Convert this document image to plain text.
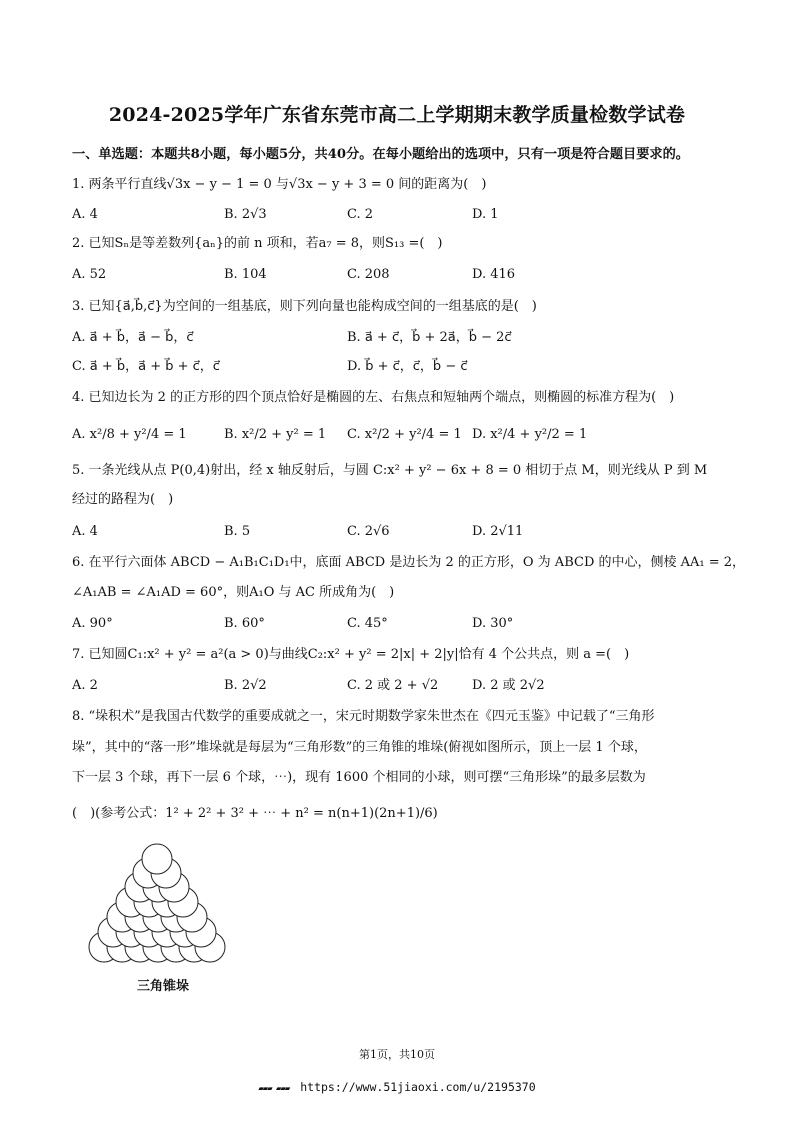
2024-2025学年广东省东莞市高二上学期期末教学质量检数学试卷
一、单选题：本题共8小题，每小题5分，共40分。在每小题给出的选项中，只有一项是符合题目要求的。
1. 两条平行直线√3x − y − 1 = 0 与√3x − y + 3 = 0 间的距离为(　)
A. 4	B. 2√3	C. 2	D. 1
2. 已知Sₙ是等差数列{aₙ}的前 n 项和，若a₇ = 8，则S₁₃ =(　)
A. 52	B. 104	C. 208	D. 416
3. 已知{a⃗,b⃗,c⃗}为空间的一组基底，则下列向量也能构成空间的一组基底的是(　)
A. a⃗ + b⃗，a⃗ − b⃗，c⃗	B. a⃗ + c⃗，b⃗ + 2a⃗，b⃗ − 2c⃗
C. a⃗ + b⃗，a⃗ + b⃗ + c⃗，c⃗	D. b⃗ + c⃗，c⃗，b⃗ − c⃗
4. 已知边长为 2 的正方形的四个顶点恰好是椭圆的左、右焦点和短轴两个端点，则椭圆的标准方程为(　)
A. x²/8 + y²/4 = 1	B. x²/2 + y² = 1 C. x²/2 + y²/4 = 1 D. x²/4 + y²/2 = 1
5. 一条光线从点 P(0,4)射出，经 x 轴反射后，与圆 C:x² + y² − 6x + 8 = 0 相切于点 M，则光线从 P 到 M
经过的路程为(　)
A. 4	B. 5	C. 2√6	D. 2√11
6. 在平行六面体 ABCD − A₁B₁C₁D₁中，底面 ABCD 是边长为 2 的正方形，O 为 ABCD 的中心，侧棱 AA₁ = 2，
∠A₁AB = ∠A₁AD = 60°，则A₁O 与 AC 所成角为(　)
A. 90°	B. 60°	C. 45°	D. 30°
7. 已知圆C₁:x² + y² = a²(a > 0)与曲线C₂:x² + y² = 2|x| + 2|y|恰有 4 个公共点，则 a =(　)
A. 2	B. 2√2	C. 2 或 2 + √2	D. 2 或 2√2
8. “垛积术”是我国古代数学的重要成就之一，宋元时期数学家朱世杰在《四元玉鉴》中记载了“三角形
垛”，其中的“落一形”堆垛就是每层为“三角形数”的三角锥的堆垛(俯视如图所示，顶上一层 1 个球，
下一层 3 个球，再下一层 6 个球，⋯)，现有 1600 个相同的小球，则可摆“三角形垛”的最多层数为
(　)(参考公式：1² + 2² + 3² + ⋯ + n² = n(n+1)(2n+1)/6)
三角锥垛
第1页，共10页
▰▰▰ ▰▰▰ https://www.51jiaoxi.com/u/2195370
